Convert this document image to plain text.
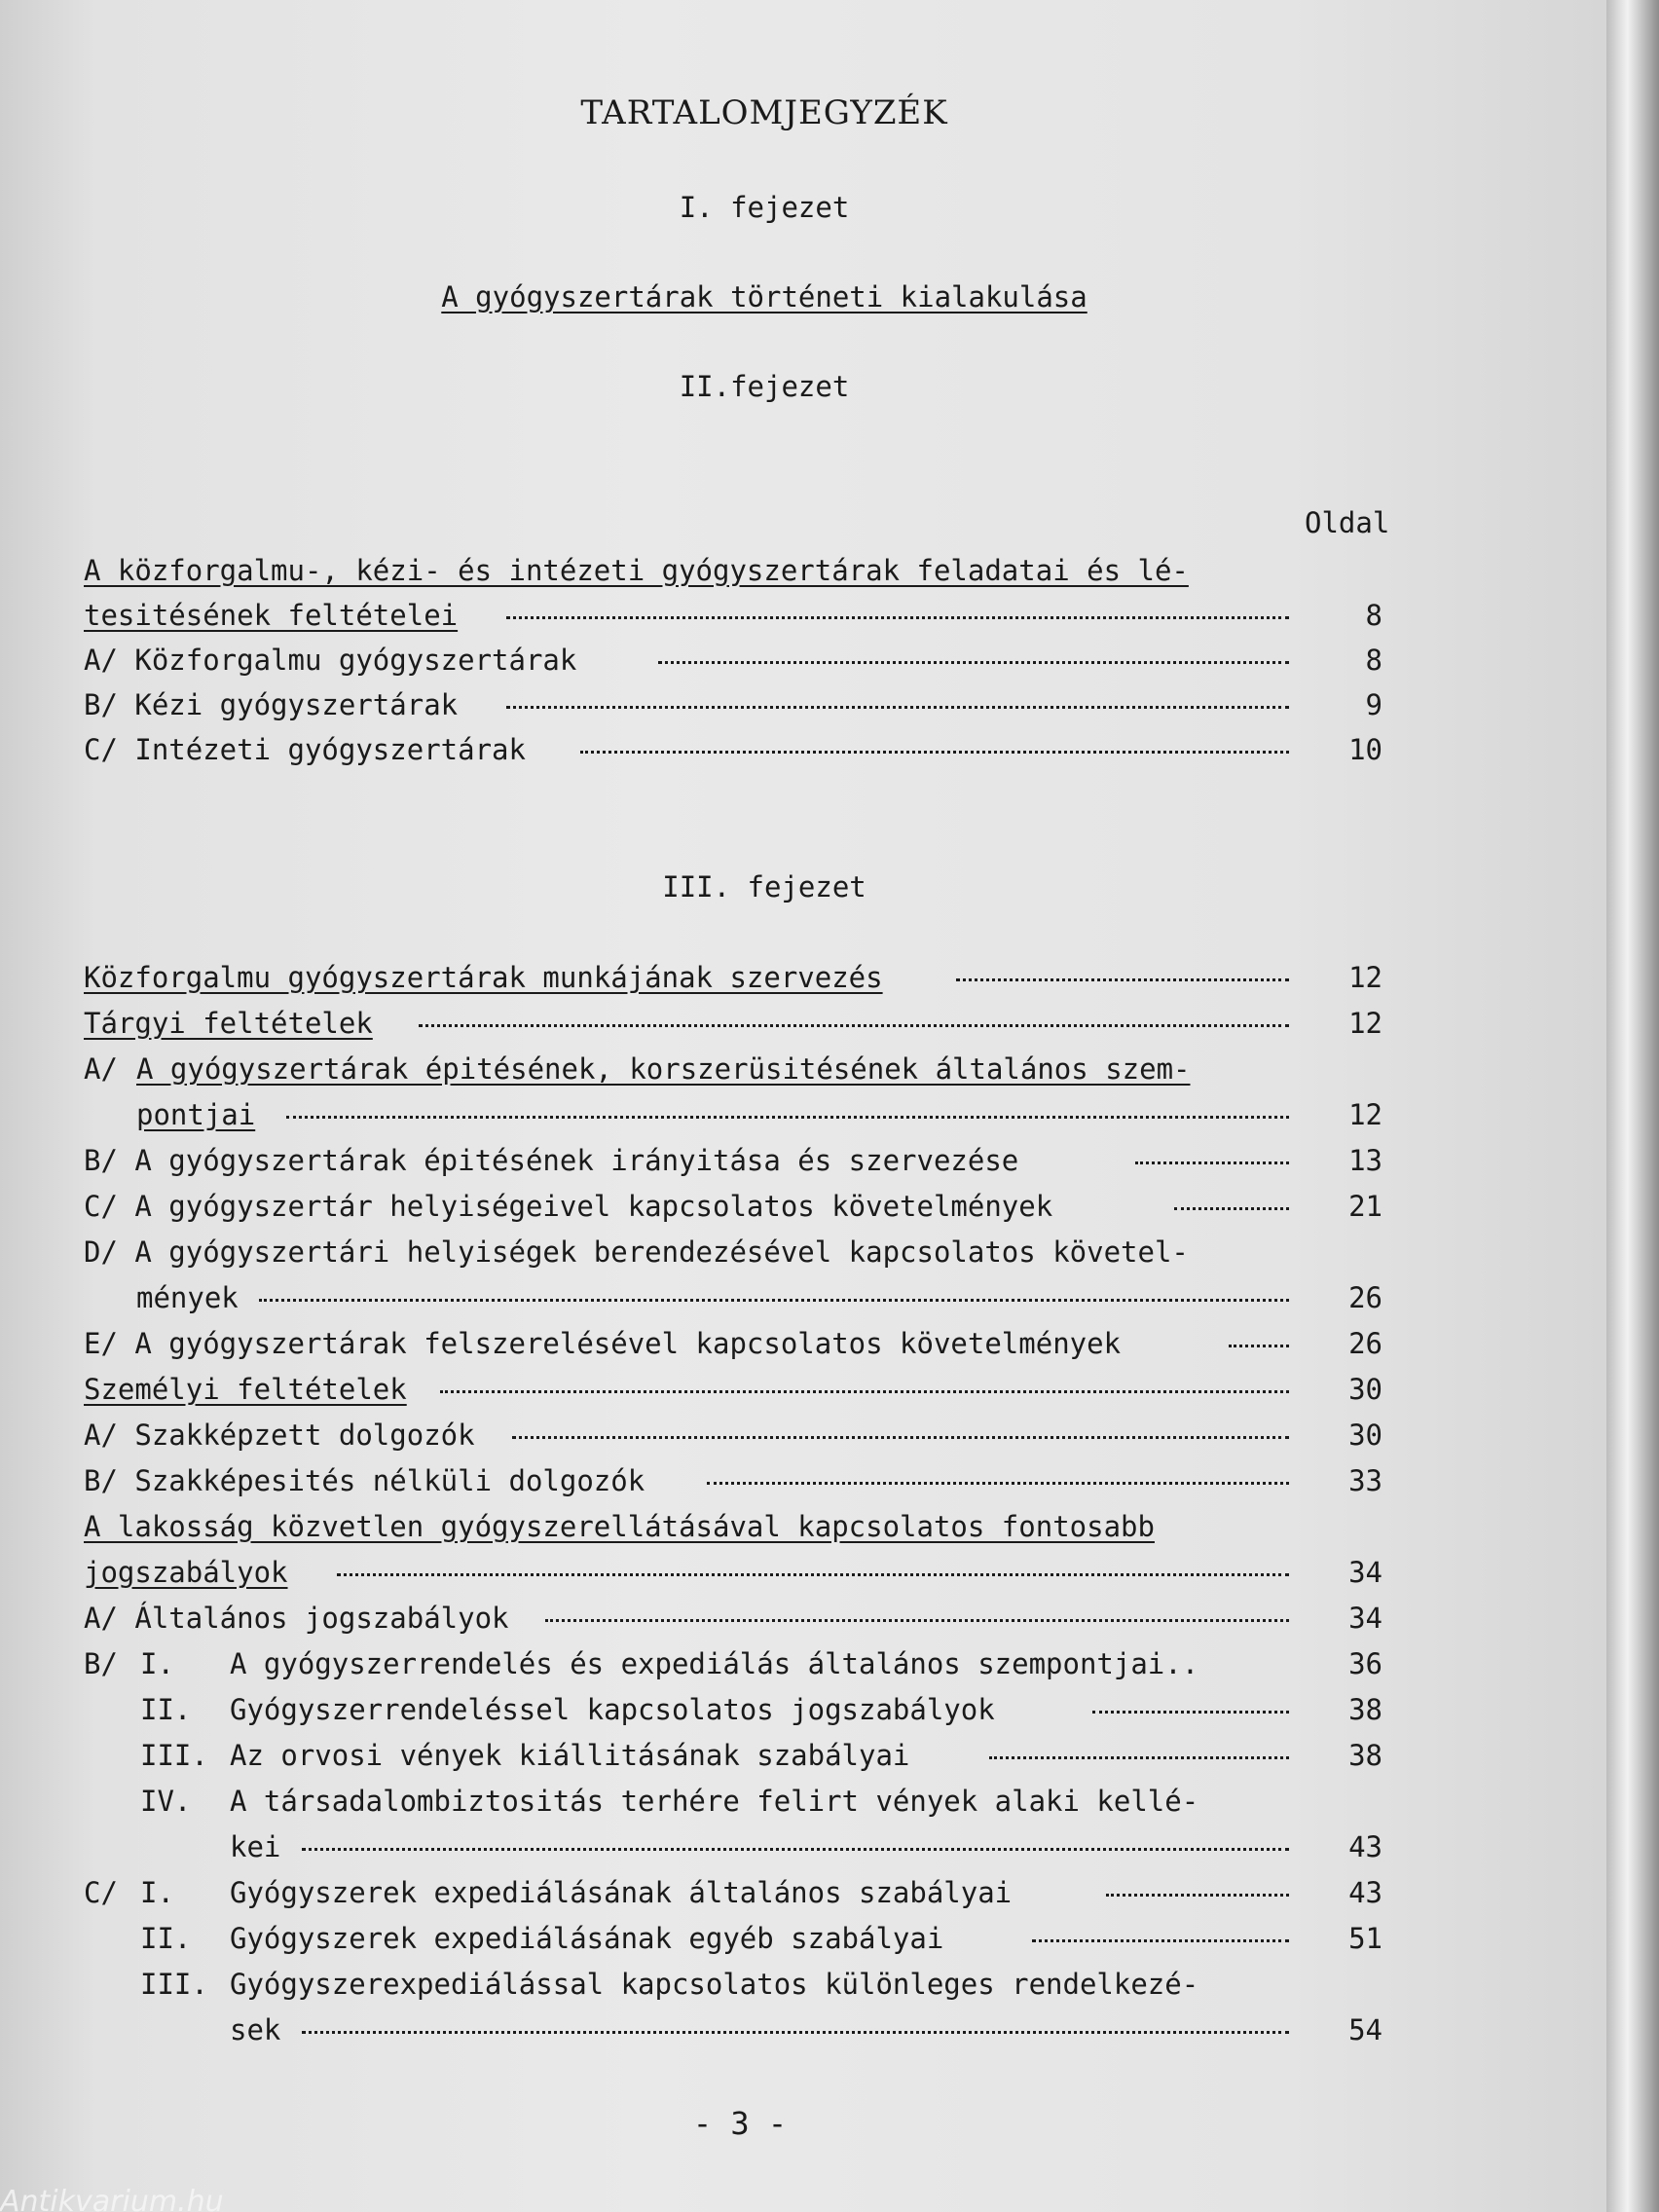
TARTALOMJEGYZÉK
I. fejezet
A gyógyszertárak történeti kialakulása
II.fejezet
Oldal
A közforgalmu-, kézi- és intézeti gyógyszertárak feladatai és lé-
tesitésének feltételei	8
A/ Közforgalmu gyógyszertárak	8
B/ Kézi gyógyszertárak	9
C/ Intézeti gyógyszertárak	10
III. fejezet
Közforgalmu gyógyszertárak munkájának szervezés	12
Tárgyi feltételek	12
A/ A gyógyszertárak épitésének, korszerüsitésének általános szem-
pontjai	12
B/ A gyógyszertárak épitésének irányitása és szervezése	13
C/ A gyógyszertár helyiségeivel kapcsolatos követelmények	21
D/ A gyógyszertári helyiségek berendezésével kapcsolatos követel-
mények	26
E/ A gyógyszertárak felszerelésével kapcsolatos követelmények	26
Személyi feltételek	30
A/ Szakképzett dolgozók	30
B/ Szakképesités nélküli dolgozók	33
A lakosság közvetlen gyógyszerellátásával kapcsolatos fontosabb
jogszabályok	34
A/ Általános jogszabályok	34
B/ I. A gyógyszerrendelés és expediálás általános szempontjai..	36
II. Gyógyszerrendeléssel kapcsolatos jogszabályok	38
III. Az orvosi vények kiállitásának szabályai	38
IV. A társadalombiztositás terhére felirt vények alaki kellé-
kei	43
C/ I. Gyógyszerek expediálásának általános szabályai	43
II. Gyógyszerek expediálásának egyéb szabályai	51
III. Gyógyszerexpediálással kapcsolatos különleges rendelkezé-
sek	54
- 3 -
Antikvarium.hu
